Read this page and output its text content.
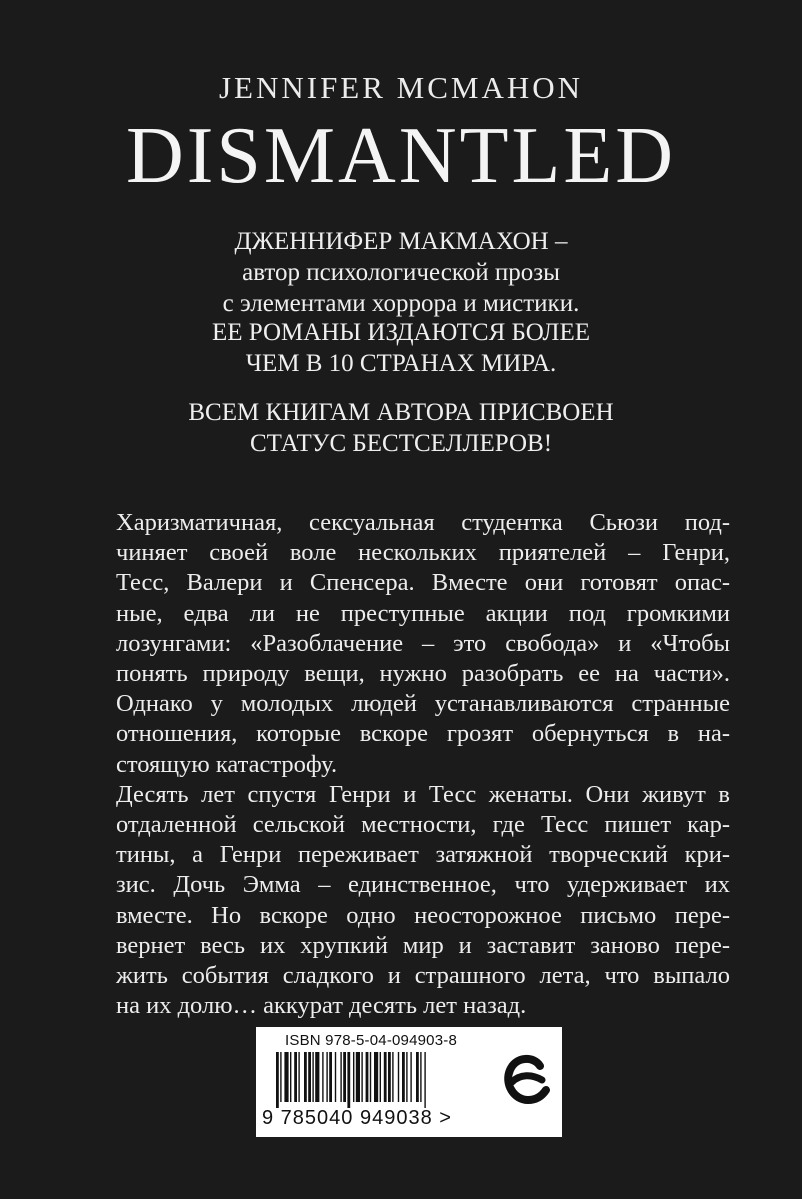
JENNIFER MCMAHON
DISMANTLED
ДЖЕННИФЕР МАКМАХОН –
автор психологической прозы
с элементами хоррора и мистики.
ЕЕ РОМАНЫ ИЗДАЮТСЯ БОЛЕЕ
ЧЕМ В 10 СТРАНАХ МИРА.
ВСЕМ КНИГАМ АВТОРА ПРИСВОЕН
СТАТУС БЕСТСЕЛЛЕРОВ!
Харизматичная, сексуальная студентка Сьюзи под-
чиняет своей воле нескольких приятелей – Генри,
Тесс, Валери и Спенсера. Вместе они готовят опас-
ные, едва ли не преступные акции под громкими
лозунгами: «Разоблачение – это свобода» и «Чтобы
понять природу вещи, нужно разобрать ее на части».
Однако у молодых людей устанавливаются странные
отношения, которые вскоре грозят обернуться в на-
стоящую катастрофу.
Десять лет спустя Генри и Тесс женаты. Они живут в
отдаленной сельской местности, где Тесс пишет кар-
тины, а Генри переживает затяжной творческий кри-
зис. Дочь Эмма – единственное, что удерживает их
вместе. Но вскоре одно неосторожное письмо пере-
вернет весь их хрупкий мир и заставит заново пере-
жить события сладкого и страшного лета, что выпало
на их долю… аккурат десять лет назад.
ISBN 978-5-04-094903-8
9 785040 949038 >
